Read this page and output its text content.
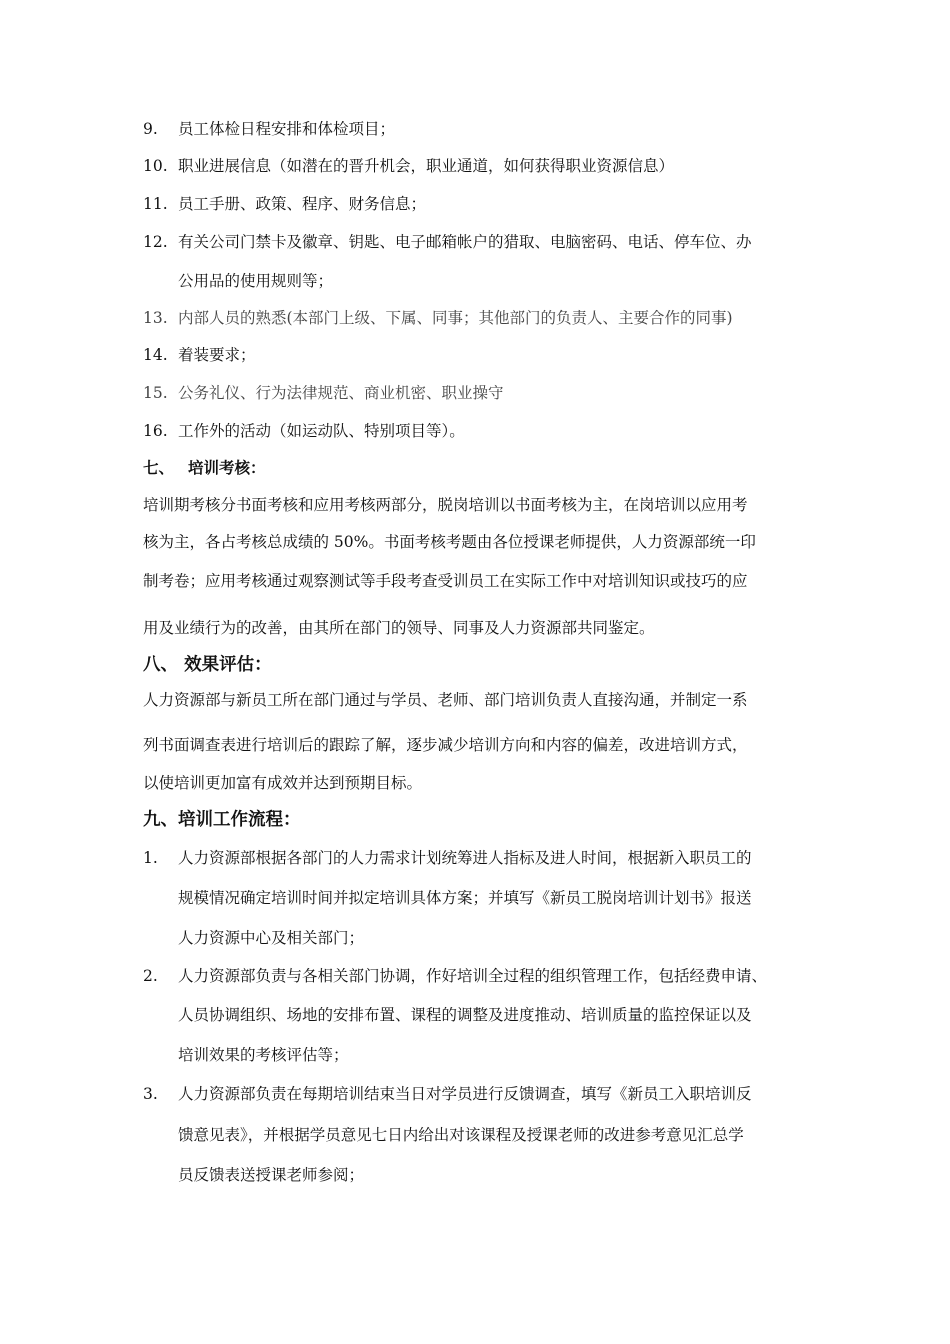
9. 员工体检日程安排和体检项目；
10. 职业进展信息（如潜在的晋升机会，职业通道，如何获得职业资源信息）
11. 员工手册、政策、程序、财务信息；
12. 有关公司门禁卡及徽章、钥匙、电子邮箱帐户的猎取、电脑密码、电话、停车位、办
公用品的使用规则等；
13. 内部人员的熟悉(本部门上级、下属、同事；其他部门的负责人、主要合作的同事)
14. 着装要求；
15. 公务礼仪、行为法律规范、商业机密、职业操守
16. 工作外的活动（如运动队、特别项目等）。
七、 培训考核：
培训期考核分书面考核和应用考核两部分，脱岗培训以书面考核为主，在岗培训以应用考
核为主，各占考核总成绩的 50%。书面考核考题由各位授课老师提供，人力资源部统一印
制考卷；应用考核通过观察测试等手段考查受训员工在实际工作中对培训知识或技巧的应
用及业绩行为的改善，由其所在部门的领导、同事及人力资源部共同鉴定。
八、 效果评估：
人力资源部与新员工所在部门通过与学员、老师、部门培训负责人直接沟通，并制定一系
列书面调查表进行培训后的跟踪了解，逐步减少培训方向和内容的偏差，改进培训方式，
以使培训更加富有成效并达到预期目标。
九、培训工作流程：
1. 人力资源部根据各部门的人力需求计划统筹进人指标及进人时间，根据新入职员工的
规模情况确定培训时间并拟定培训具体方案；并填写《新员工脱岗培训计划书》报送
人力资源中心及相关部门；
2. 人力资源部负责与各相关部门协调，作好培训全过程的组织管理工作，包括经费申请、
人员协调组织、场地的安排布置、课程的调整及进度推动、培训质量的监控保证以及
培训效果的考核评估等；
3. 人力资源部负责在每期培训结束当日对学员进行反馈调查，填写《新员工入职培训反
馈意见表》，并根据学员意见七日内给出对该课程及授课老师的改进参考意见汇总学
员反馈表送授课老师参阅；
